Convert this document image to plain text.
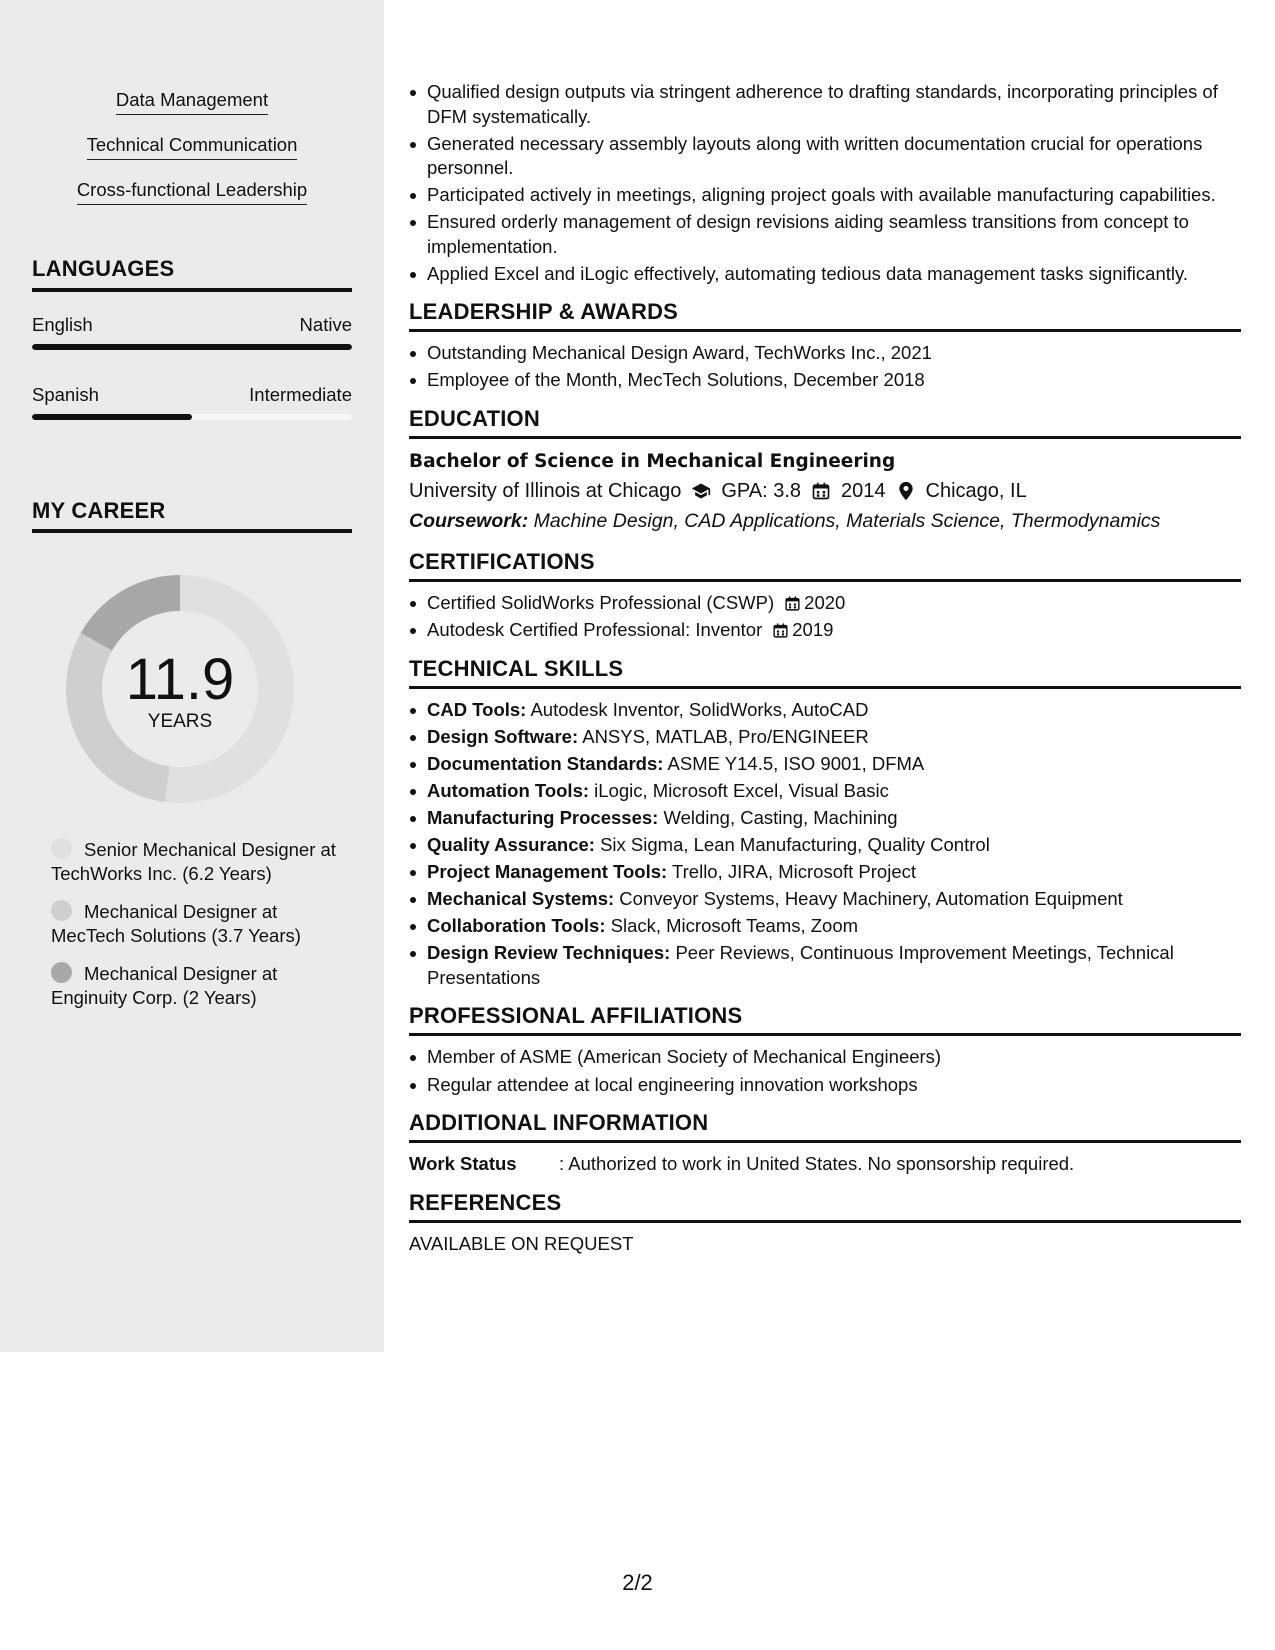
Data Management
Technical Communication
Cross-functional Leadership
LANGUAGES
English	Native
Spanish	Intermediate
MY CAREER
11.9
YEARS
Senior Mechanical Designer at TechWorks Inc. (6.2 Years)
Mechanical Designer at MecTech Solutions (3.7 Years)
Mechanical Designer at Enginuity Corp. (2 Years)
Qualified design outputs via stringent adherence to drafting standards, incorporating principles of DFM systematically.
Generated necessary assembly layouts along with written documentation crucial for operations personnel.
Participated actively in meetings, aligning project goals with available manufacturing capabilities.
Ensured orderly management of design revisions aiding seamless transitions from concept to implementation.
Applied Excel and iLogic effectively, automating tedious data management tasks significantly.
LEADERSHIP & AWARDS
Outstanding Mechanical Design Award, TechWorks Inc., 2021
Employee of the Month, MecTech Solutions, December 2018
EDUCATION
Bachelor of Science in Mechanical Engineering
University of Illinois at Chicago GPA: 3.8 2014 Chicago, IL
Coursework: Machine Design, CAD Applications, Materials Science, Thermodynamics
CERTIFICATIONS
Certified SolidWorks Professional (CSWP) 2020
Autodesk Certified Professional: Inventor 2019
TECHNICAL SKILLS
CAD Tools: Autodesk Inventor, SolidWorks, AutoCAD
Design Software: ANSYS, MATLAB, Pro/ENGINEER
Documentation Standards: ASME Y14.5, ISO 9001, DFMA
Automation Tools: iLogic, Microsoft Excel, Visual Basic
Manufacturing Processes: Welding, Casting, Machining
Quality Assurance: Six Sigma, Lean Manufacturing, Quality Control
Project Management Tools: Trello, JIRA, Microsoft Project
Mechanical Systems: Conveyor Systems, Heavy Machinery, Automation Equipment
Collaboration Tools: Slack, Microsoft Teams, Zoom
Design Review Techniques: Peer Reviews, Continuous Improvement Meetings, Technical Presentations
PROFESSIONAL AFFILIATIONS
Member of ASME (American Society of Mechanical Engineers)
Regular attendee at local engineering innovation workshops
ADDITIONAL INFORMATION
Work Status	: Authorized to work in United States. No sponsorship required.
REFERENCES
AVAILABLE ON REQUEST
2/2
